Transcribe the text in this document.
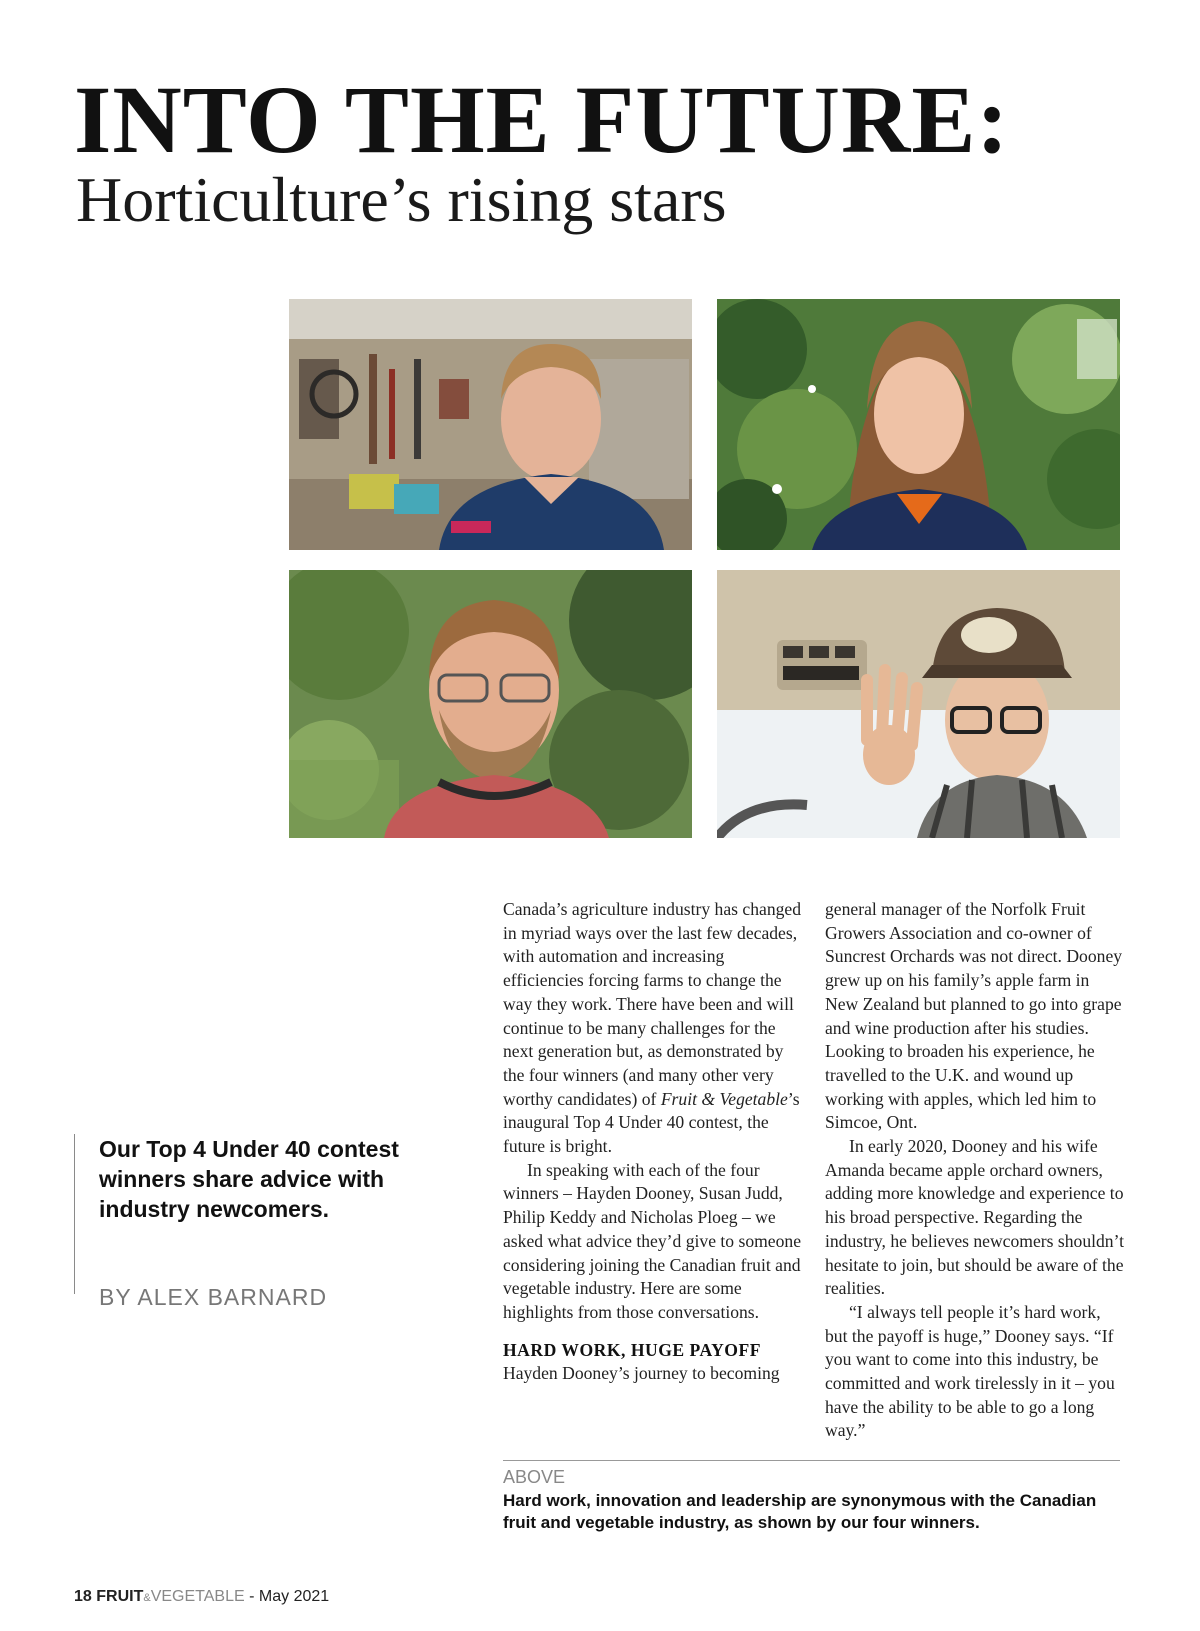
INTO THE FUTURE:
Horticulture’s rising stars

Our Top 4 Under 40 contest winners share advice with industry newcomers.

BY ALEX BARNARD

Canada’s agriculture industry has changed in myriad ways over the last few decades, with automation and increasing efficiencies forcing farms to change the way they work. There have been and will continue to be many challenges for the next generation but, as demonstrated by the four winners (and many other very worthy candidates) of Fruit & Vegetable’s inaugural Top 4 Under 40 contest, the future is bright.

In speaking with each of the four winners – Hayden Dooney, Susan Judd, Philip Keddy and Nicholas Ploeg – we asked what advice they’d give to someone considering joining the Canadian fruit and vegetable industry. Here are some highlights from those conversations.

HARD WORK, HUGE PAYOFF

Hayden Dooney’s journey to becoming

general manager of the Norfolk Fruit Growers Association and co-owner of Suncrest Orchards was not direct. Dooney grew up on his family’s apple farm in New Zealand but planned to go into grape and wine production after his studies. Looking to broaden his experience, he travelled to the U.K. and wound up working with apples, which led him to Simcoe, Ont.

In early 2020, Dooney and his wife Amanda became apple orchard owners, adding more knowledge and experience to his broad perspective. Regarding the industry, he believes newcomers shouldn’t hesitate to join, but should be aware of the realities.

“I always tell people it’s hard work, but the payoff is huge,” Dooney says. “If you want to come into this industry, be committed and work tirelessly in it – you have the ability to be able to go a long way.”

ABOVE
Hard work, innovation and leadership are synonymous with the Canadian fruit and vegetable industry, as shown by our four winners.
18 FRUIT&VEGETABLE - May 2021
